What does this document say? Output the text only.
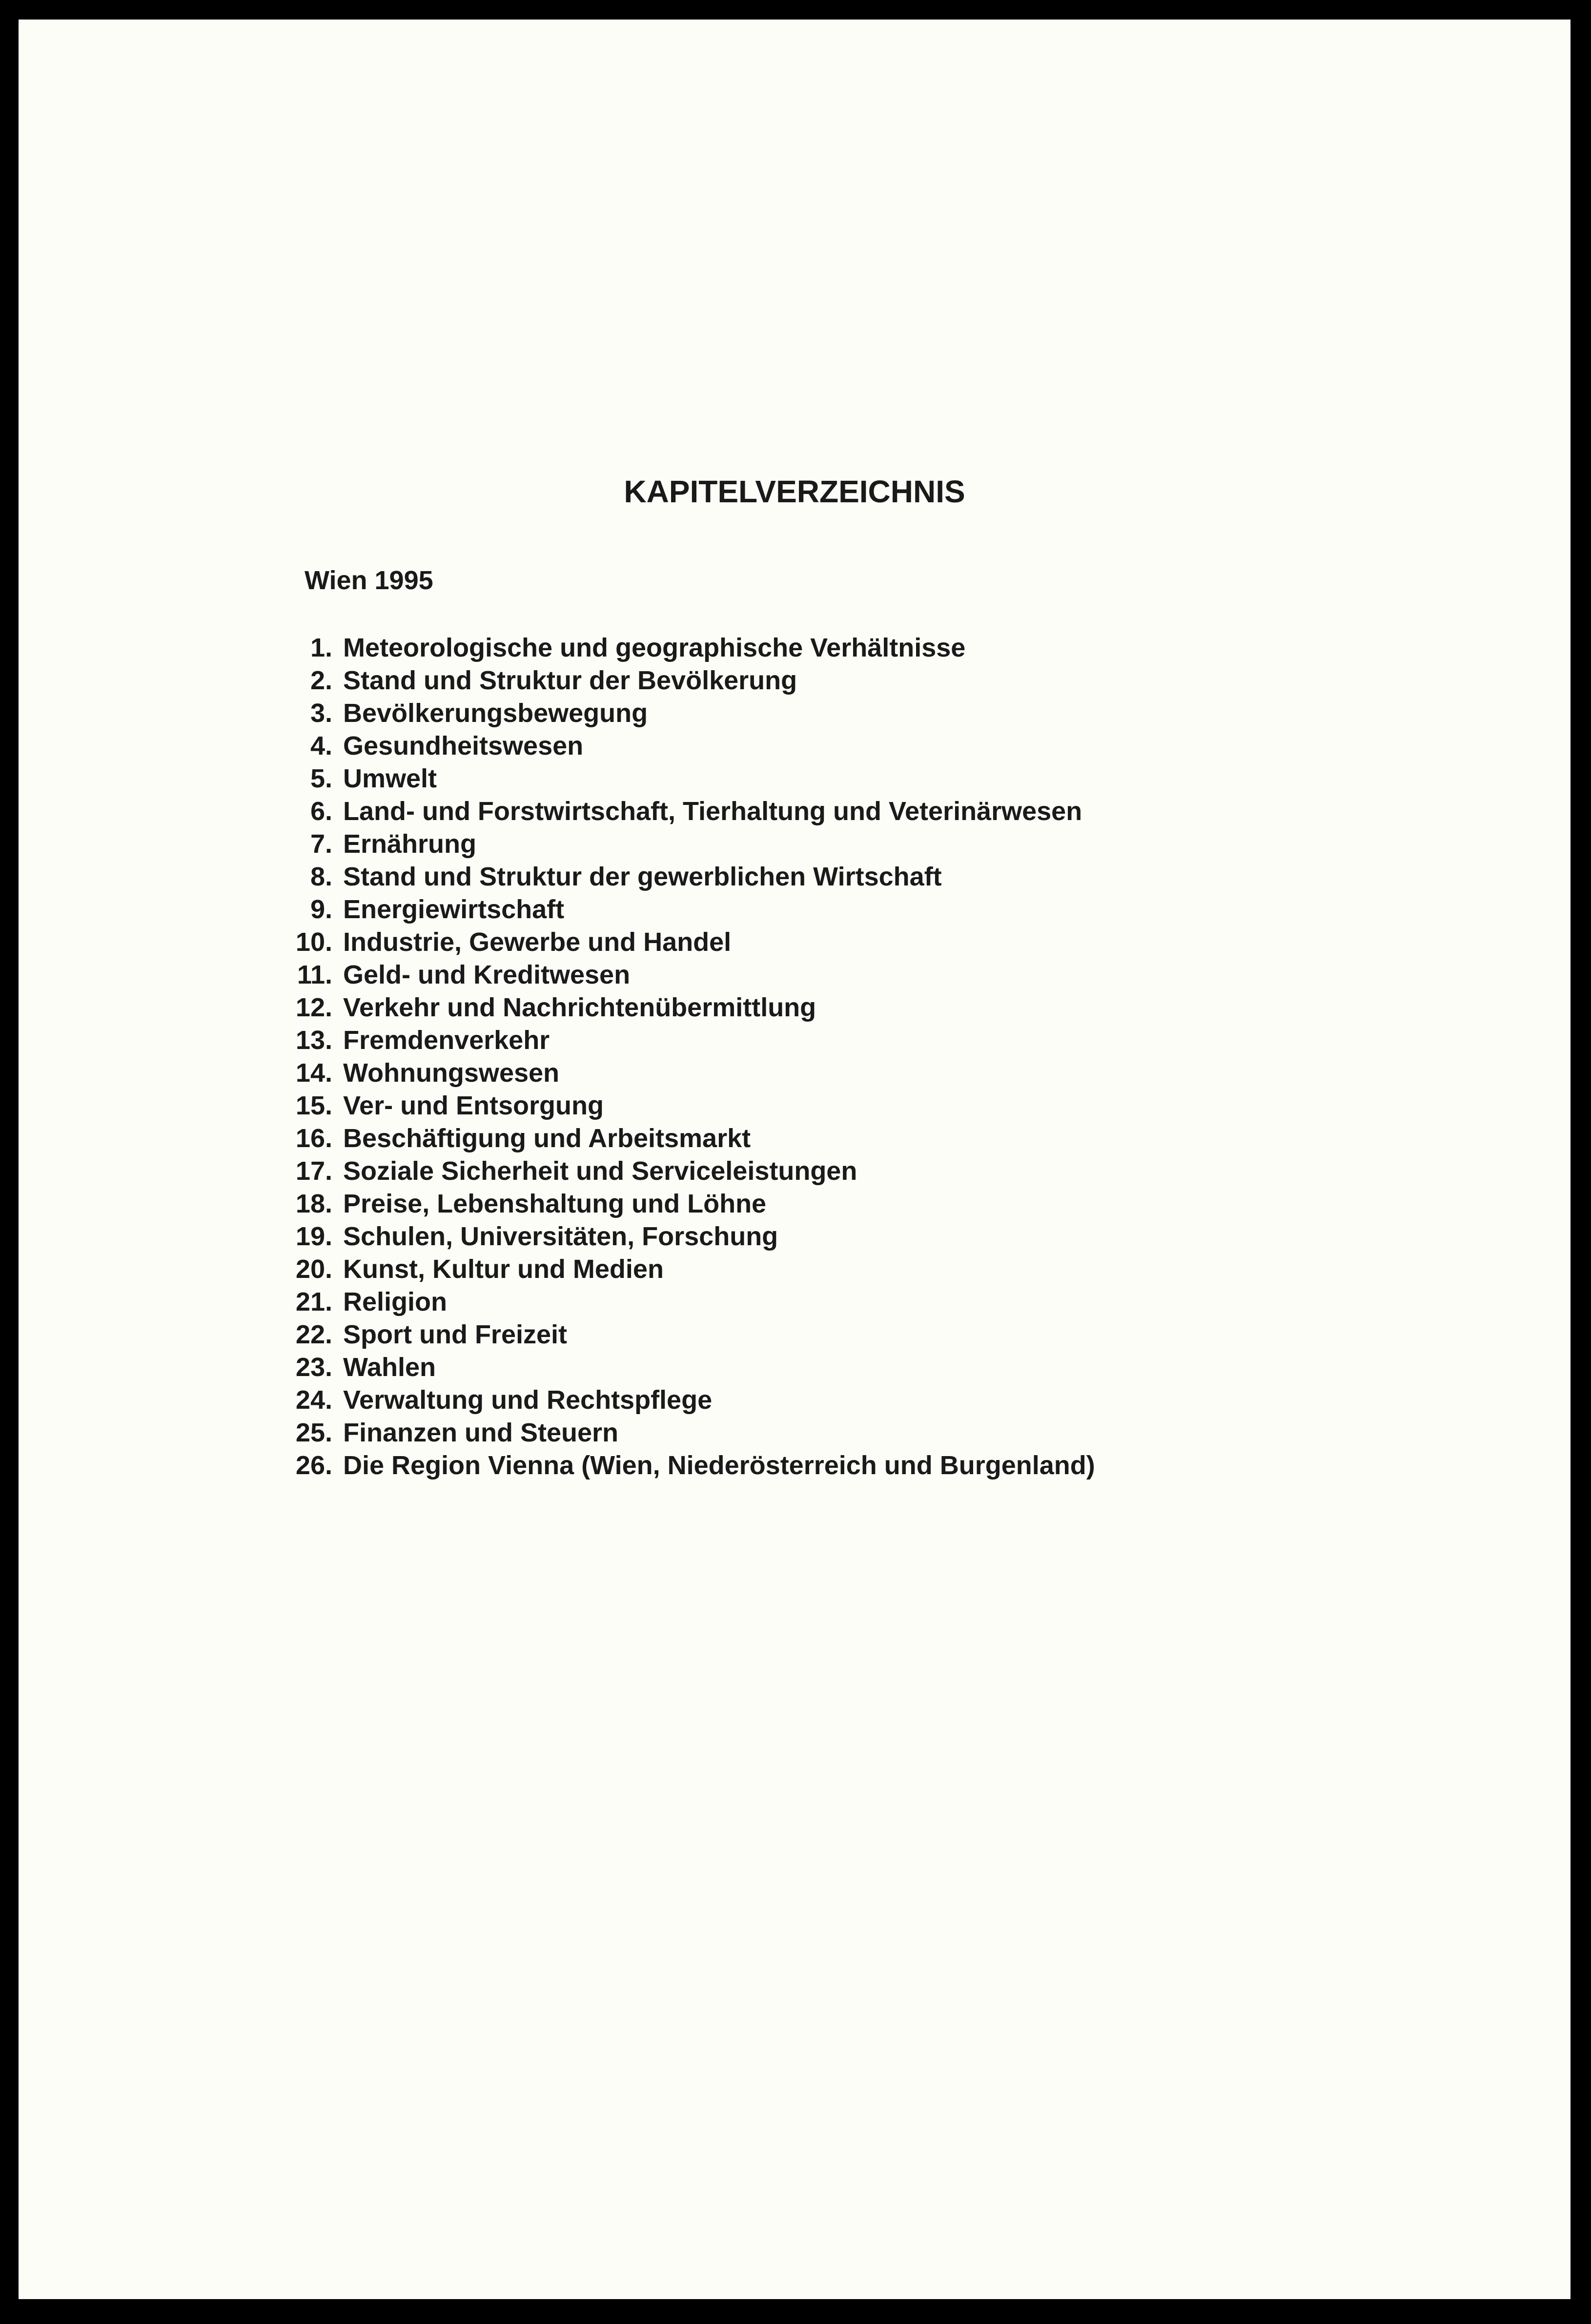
KAPITELVERZEICHNIS
Wien 1995
1. Meteorologische und geographische Verhältnisse
2. Stand und Struktur der Bevölkerung
3. Bevölkerungsbewegung
4. Gesundheitswesen
5. Umwelt
6. Land- und Forstwirtschaft, Tierhaltung und Veterinärwesen
7. Ernährung
8. Stand und Struktur der gewerblichen Wirtschaft
9. Energiewirtschaft
10. Industrie, Gewerbe und Handel
11. Geld- und Kreditwesen
12. Verkehr und Nachrichtenübermittlung
13. Fremdenverkehr
14. Wohnungswesen
15. Ver- und Entsorgung
16. Beschäftigung und Arbeitsmarkt
17. Soziale Sicherheit und Serviceleistungen
18. Preise, Lebenshaltung und Löhne
19. Schulen, Universitäten, Forschung
20. Kunst, Kultur und Medien
21. Religion
22. Sport und Freizeit
23. Wahlen
24. Verwaltung und Rechtspflege
25. Finanzen und Steuern
26. Die Region Vienna (Wien, Niederösterreich und Burgenland)
